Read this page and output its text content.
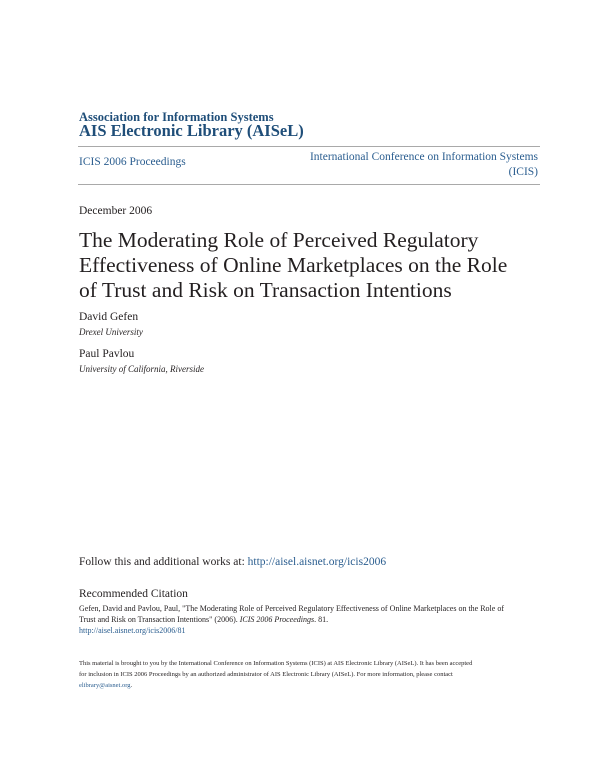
Association for Information Systems
AIS Electronic Library (AISeL)
ICIS 2006 Proceedings	International Conference on Information Systems
(ICIS)
December 2006
The Moderating Role of Perceived Regulatory
Effectiveness of Online Marketplaces on the Role
of Trust and Risk on Transaction Intentions
David Gefen
Drexel University
Paul Pavlou
University of California, Riverside
Follow this and additional works at: http://aisel.aisnet.org/icis2006
Recommended Citation
Gefen, David and Pavlou, Paul, "The Moderating Role of Perceived Regulatory Effectiveness of Online Marketplaces on the Role of
Trust and Risk on Transaction Intentions" (2006). ICIS 2006 Proceedings. 81.
http://aisel.aisnet.org/icis2006/81
This material is brought to you by the International Conference on Information Systems (ICIS) at AIS Electronic Library (AISeL). It has been accepted
for inclusion in ICIS 2006 Proceedings by an authorized administrator of AIS Electronic Library (AISeL). For more information, please contact
elibrary@aisnet.org.
